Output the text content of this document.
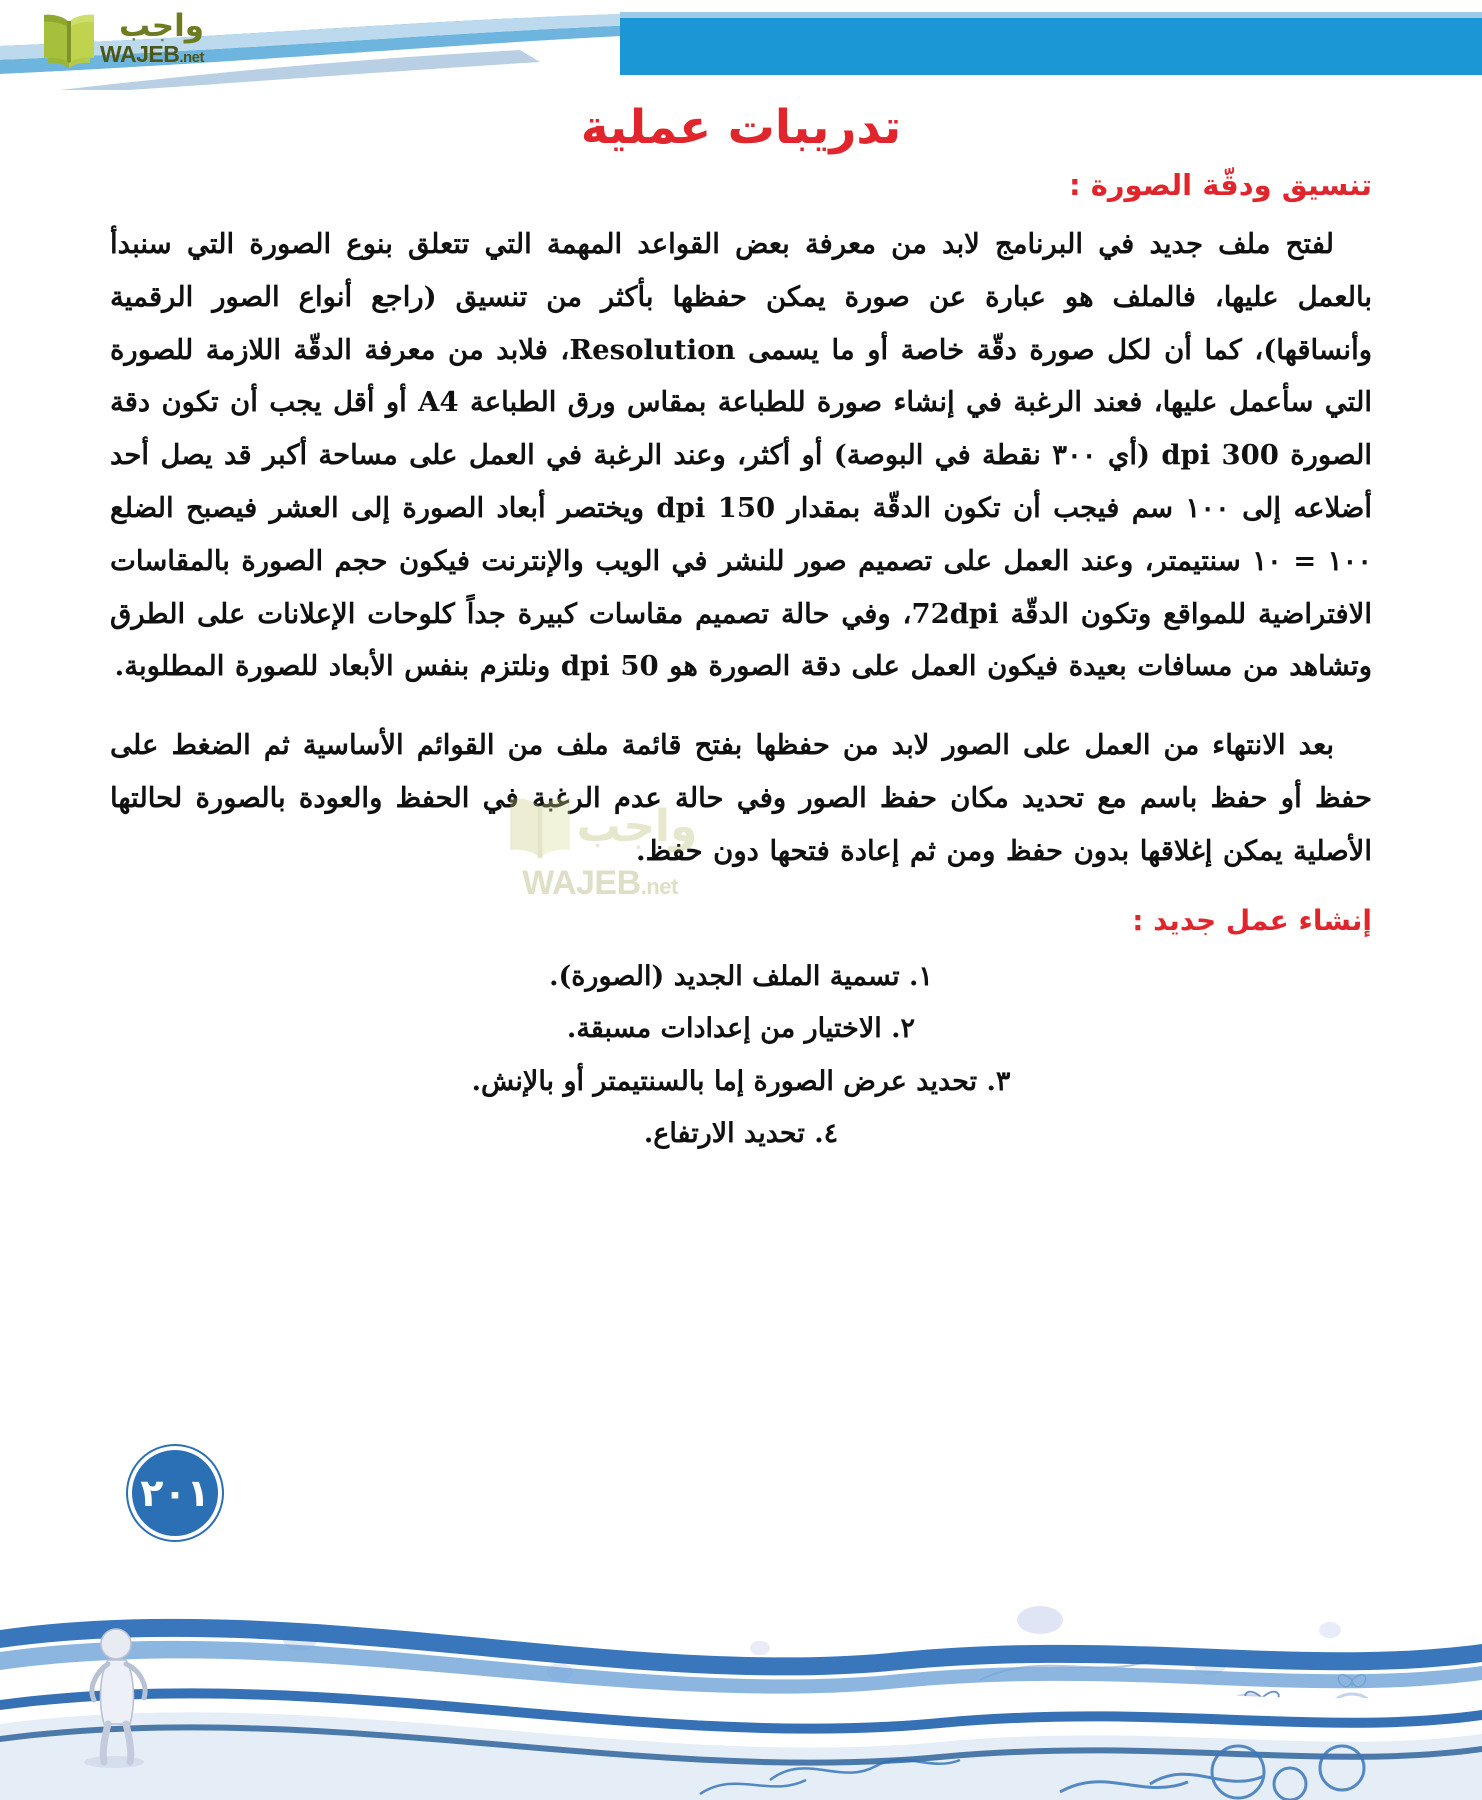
واجب
WAJEB.net
تدريبات عملية
تنسيق ودقّة الصورة :

لفتح ملف جديد في البرنامج لابد من معرفة بعض القواعد المهمة التي تتعلق بنوع الصورة التي سنبدأ بالعمل عليها، فالملف هو عبارة عن صورة يمكن حفظها بأكثر من تنسيق (راجع أنواع الصور الرقمية وأنساقها)، كما أن لكل صورة دقّة خاصة أو ما يسمى Resolution، فلابد من معرفة الدقّة اللازمة للصورة التي سأعمل عليها، فعند الرغبة في إنشاء صورة للطباعة بمقاس ورق الطباعة A4 أو أقل يجب أن تكون دقة الصورة 300 dpi (أي ٣٠٠ نقطة في البوصة) أو أكثر، وعند الرغبة في العمل على مساحة أكبر قد يصل أحد أضلاعه إلى ١٠٠ سم فيجب أن تكون الدقّة بمقدار 150 dpi ويختصر أبعاد الصورة إلى العشر فيصبح الضلع ١٠٠ = ١٠ سنتيمتر، وعند العمل على تصميم صور للنشر في الويب والإنترنت فيكون حجم الصورة بالمقاسات الافتراضية للمواقع وتكون الدقّة 72dpi، وفي حالة تصميم مقاسات كبيرة جداً كلوحات الإعلانات على الطرق وتشاهد من مسافات بعيدة فيكون العمل على دقة الصورة هو 50 dpi ونلتزم بنفس الأبعاد للصورة المطلوبة.

بعد الانتهاء من العمل على الصور لابد من حفظها بفتح قائمة ملف من القوائم الأساسية ثم الضغط على حفظ أو حفظ باسم مع تحديد مكان حفظ الصور وفي حالة عدم الرغبة في الحفظ والعودة بالصورة لحالتها الأصلية يمكن إغلاقها بدون حفظ ومن ثم إعادة فتحها دون حفظ.

إنشاء عمل جديد :
١. تسمية الملف الجديد (الصورة).
٢. الاختيار من إعدادات مسبقة.
٣. تحديد عرض الصورة إما بالسنتيمتر أو بالإنش.
٤. تحديد الارتفاع.
واجب
WAJEB.net
٢٠١
